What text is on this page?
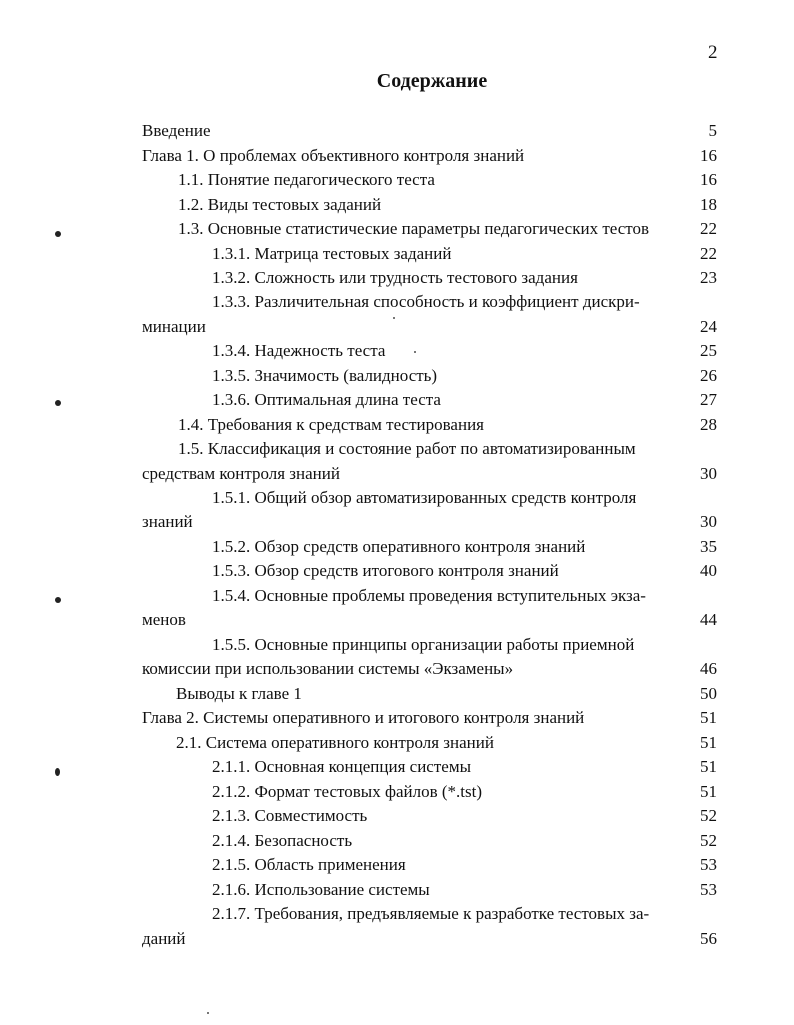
2
Содержание
Введение	5
Глава 1. О проблемах объективного контроля знаний	16
1.1. Понятие педагогического теста	16
1.2. Виды тестовых заданий	18
1.3. Основные статистические параметры педагогических тестов	22
1.3.1. Матрица тестовых заданий	22
1.3.2. Сложность или трудность тестового задания	23
1.3.3. Различительная способность и коэффициент дискри-
минации	24
1.3.4. Надежность теста	25
1.3.5. Значимость (валидность)	26
1.3.6. Оптимальная длина теста	27
1.4. Требования к средствам тестирования	28
1.5. Классификация и состояние работ по автоматизированным
средствам контроля знаний	30
1.5.1. Общий обзор автоматизированных средств контроля
знаний	30
1.5.2. Обзор средств оперативного контроля знаний	35
1.5.3. Обзор средств итогового контроля знаний	40
1.5.4. Основные проблемы проведения вступительных экза-
менов	44
1.5.5. Основные принципы организации работы приемной
комиссии при использовании системы «Экзамены»	46
Выводы к главе 1	50
Глава 2. Системы оперативного и итогового контроля знаний	51
2.1. Система оперативного контроля знаний	51
2.1.1. Основная концепция системы	51
2.1.2. Формат тестовых файлов (*.tst)	51
2.1.3. Совместимость	52
2.1.4. Безопасность	52
2.1.5. Область применения	53
2.1.6. Использование системы	53
2.1.7. Требования, предъявляемые к разработке тестовых за-
даний	56
